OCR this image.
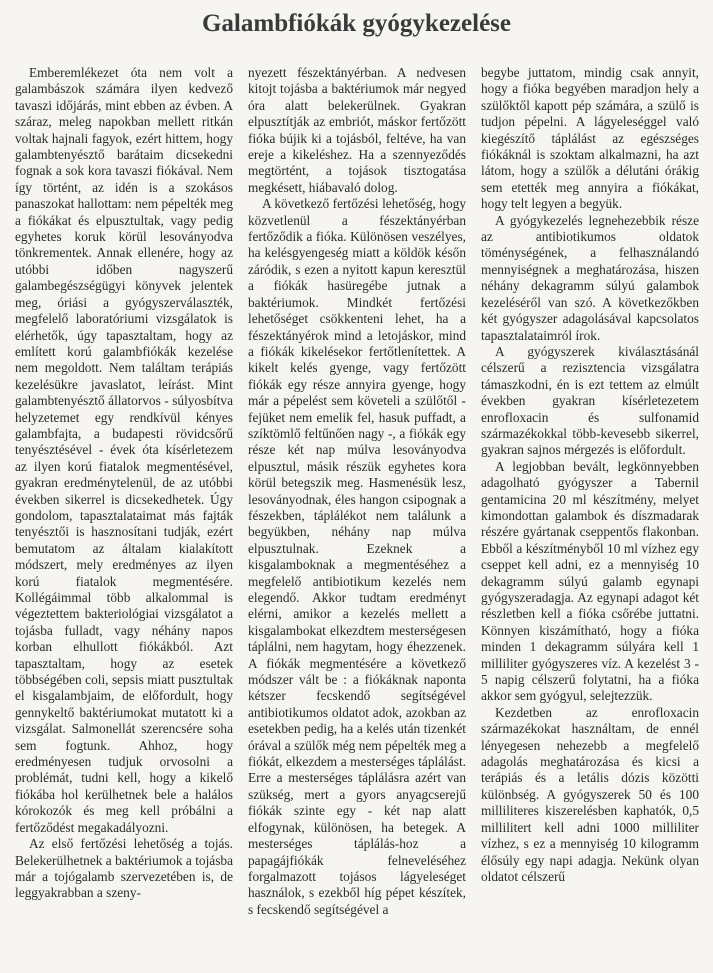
Galambfiókák gyógykezelése

Emberemlékezet óta nem volt a galambászok számára ilyen kedvező tavaszi időjárás, mint ebben az évben. A száraz, meleg napokban mellett ritkán voltak hajnali fagyok, ezért hittem, hogy galambtenyésztő barátaim dicsekedni fognak a sok kora tavaszi fiókával. Nem így történt, az idén is a szokásos panaszokat hallottam: nem pépelték meg a fiókákat és elpusztultak, vagy pedig egyhetes koruk körül lesoványodva tönkrementek. Annak ellenére, hogy az utóbbi időben nagyszerű galambegészségügyi könyvek jelentek meg, óriási a gyógyszerválaszték, megfelelő laboratóriumi vizsgálatok is elérhetők, úgy tapasztaltam, hogy az említett korú galambfiókák kezelése nem megoldott. Nem találtam terápiás kezelésükre javaslatot, leírást. Mint galambtenyésztő állatorvos - súlyosbítva helyzetemet egy rendkívül kényes galambfajta, a budapesti rövidcsőrű tenyésztésével - évek óta kísérletezem az ilyen korú fiatalok megmentésével, gyakran eredménytelenül, de az utóbbi években sikerrel is dicsekedhetek. Úgy gondolom, tapasztalataimat más fajták tenyésztői is hasznosítani tudják, ezért bemutatom az általam kialakított módszert, mely eredményes az ilyen korú fiatalok megmentésére. Kollégáimmal több alkalommal is végeztettem bakteriológiai vizsgálatot a tojásba fulladt, vagy néhány napos korban elhullott fiókákból. Azt tapasztaltam, hogy az esetek többségében coli, sepsis miatt pusztultak el kisgalambjaim, de előfordult, hogy gennykeltő baktériumokat mutatott ki a vizsgálat. Salmonellát szerencsére soha sem fogtunk. Ahhoz, hogy eredményesen tudjuk orvosolni a problémát, tudni kell, hogy a kikelő fiókába hol kerülhetnek bele a halálos kórokozók és meg kell próbálni a fertőződést megakadályozni.

Az első fertőzési lehetőség a tojás. Belekerülhetnek a baktériumok a tojásba már a tojógalamb szervezetében is, de leggyakrabban a szeny-

nyezett fészektányérban. A nedvesen kitojt tojásba a baktériumok már negyed óra alatt belekerülnek. Gyakran elpusztítják az embriót, máskor fertőzött fióka bújik ki a tojásból, feltéve, ha van ereje a kikeléshez. Ha a szennyeződés megtörtént, a tojások tisztogatása megkésett, hiábavaló dolog.

A következő fertőzési lehetőség, hogy közvetlenül a fészektányérban fertőződik a fióka. Különösen veszélyes, ha kelésgyengeség miatt a köldök későn záródik, s ezen a nyitott kapun keresztül a fiókák hasüregébe jutnak a baktériumok. Mindkét fertőzési lehetőséget csökkenteni lehet, ha a fészektányérok mind a letojáskor, mind a fiókák kikelésekor fertőtlenítettek. A kikelt kelés gyenge, vagy fertőzött fiókák egy része annyira gyenge, hogy már a pépelést sem követeli a szülőtől - fejüket nem emelik fel, hasuk puffadt, a szíktömlő feltűnően nagy -, a fiókák egy része két nap múlva lesoványodva elpusztul, másik részük egyhetes kora körül betegszik meg. Hasmenésük lesz, lesoványodnak, éles hangon csipognak a fészekben, táplálékot nem találunk a begyükben, néhány nap múlva elpusztulnak. Ezeknek a kisgalamboknak a megmentéséhez a megfelelő antibiotikum kezelés nem elegendő. Akkor tudtam eredményt elérni, amikor a kezelés mellett a kisgalambokat elkezdtem mesterségesen táplálni, nem hagytam, hogy éhezzenek. A fiókák megmentésére a következő módszer vált be : a fiókáknak naponta kétszer fecskendő segítségével antibiotikumos oldatot adok, azokban az esetekben pedig, ha a kelés után tizenkét órával a szülők még nem pépelték meg a fiókát, elkezdem a mesterséges táplálást. Erre a mesterséges táplálásra azért van szükség, mert a gyors anyagcserejű fiókák szinte egy - két nap alatt elfogynak, különösen, ha betegek. A mesterséges táplálás-hoz a papagájfiókák felneveléséhez forgalmazott tojásos lágyeleséget használok, s ezekből híg pépet készítek, s fecskendő segítségével a

begybe juttatom, mindig csak annyit, hogy a fióka begyében maradjon hely a szülőktől kapott pép számára, a szülő is tudjon pépelni. A lágyeleséggel való kiegészítő táplálást az egészséges fiókáknál is szoktam alkalmazni, ha azt látom, hogy a szülők a délutáni órákig sem etették meg annyira a fiókákat, hogy telt legyen a begyük.

A gyógykezelés legnehezebbik része az antibiotikumos oldatok töménységének, a felhasználandó mennyiségnek a meghatározása, hiszen néhány dekagramm súlyú galambok kezeléséről van szó. A következőkben két gyógyszer adagolásával kapcsolatos tapasztalataimról írok.

A gyógyszerek kiválasztásánál célszerű a rezisztencia vizsgálatra támaszkodni, én is ezt tettem az elmúlt években gyakran kísérletezetem enrofloxacin és sulfonamid származékokkal több-kevesebb sikerrel, gyakran sajnos mérgezés is előfordult.

A legjobban bevált, legkönnyebben adagolható gyógyszer a Tabernil gentamicina 20 ml készítmény, melyet kimondottan galambok és díszmadarak részére gyártanak cseppentős flakonban. Ebből a készítményből 10 ml vízhez egy cseppet kell adni, ez a mennyiség 10 dekagramm súlyú galamb egynapi gyógyszeradagja. Az egynapi adagot két részletben kell a fióka csőrébe juttatni. Könnyen kiszámítható, hogy a fióka minden 1 dekagramm súlyára kell 1 milliliter gyógyszeres víz. A kezelést 3 - 5 napig célszerű folytatni, ha a fióka akkor sem gyógyul, selejtezzük.

Kezdetben az enrofloxacin származékokat használtam, de ennél lényegesen nehezebb a megfelelő adagolás meghatározása és kicsi a terápiás és a letális dózis közötti különbség. A gyógyszerek 50 és 100 milliliteres kiszerelésben kaphatók, 0,5 millilitert kell adni 1000 milliliter vízhez, s ez a mennyiség 10 kilogramm élősúly egy napi adagja. Nekünk olyan oldatot célszerű
